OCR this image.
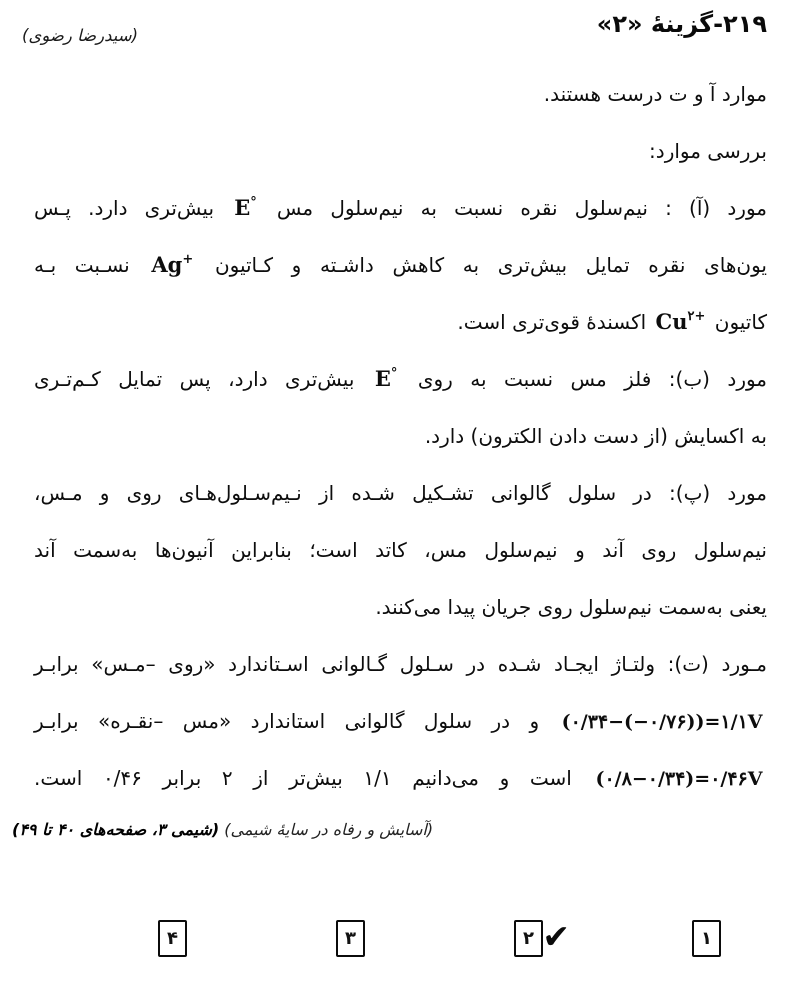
(سیدرضا رضوی)	۲۱۹-گزینهٔ «۲»
موارد آ و ت درست هستند.
بررسی موارد:
مورد (آ) : نیم‌سلول نقره نسبت به نیم‌سلول مس E° بیش‌تری دارد. پـس
یون‌های نقره تمایل بیش‌تری به کاهش داشـته و کـاتیون Ag+ نسـبت بـه
کاتیون $Cu^{۲+}$ اکسندهٔ قوی‌تری است.
مورد (ب): فلز مس نسبت به روی E° بیش‌تری دارد، پس تمایل کـم‌تـری
به اکسایش (از دست دادن الکترون) دارد.
مورد (پ): در سلول گالوانی تشـکیل شـده از نـیم‌سـلول‌هـای روی و مـس،
نیم‌سلول روی آند و نیم‌سلول مس، کاتد است؛ بنابراین آنیون‌ها به‌سمت آند
یعنی به‌سمت نیم‌سلول روی جریان پیدا می‌کنند.
مـورد (ت): ولتـاژ ایجـاد شـده در سـلول گـالوانی اسـتاندارد «روی –مـس» برابـر
(۰/۳۴−(−۰/۷۶))=۱/۱V و در سلول گالوانی استاندارد «مس –نقـره» برابـر
(۰/۸−۰/۳۴)=۰/۴۶V است و می‌دانیم ۱/۱ بیش‌تر از ۲ برابر ۰/۴۶ است.
(آسایش و رفاه در سایهٔ شیمی) (شیمی ۳، صفحه‌های ۴۰ تا ۴۹)
۱
۲ ✔
۳
۴
